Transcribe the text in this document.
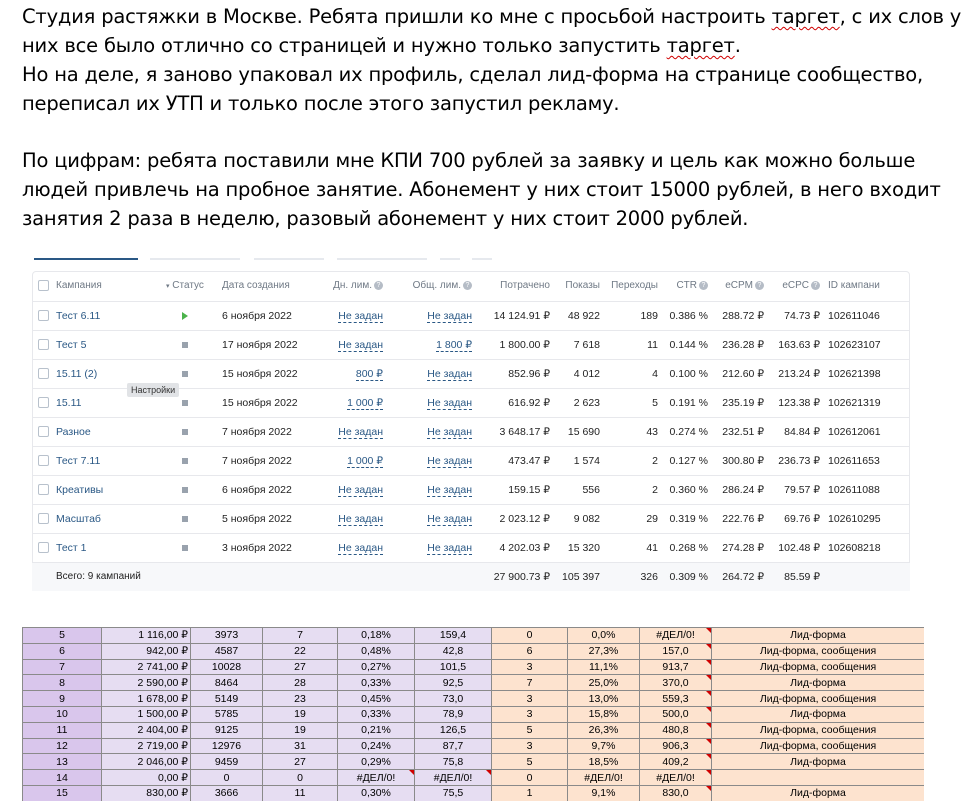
Студия растяжки в Москве. Ребята пришли ко мне с просьбой настроить таргет, с их слов у

них все было отлично со страницей и нужно только запустить таргет.

Но на деле, я заново упаковал их профиль, сделал лид-форма на странице сообщество,

переписал их УТП и только после этого запустил рекламу.

По цифрам: ребята поставили мне КПИ 700 рублей за заявку и цель как можно больше

людей привлечь на пробное занятие. Абонемент у них стоит 15000 рублей, в него входит

занятия 2 раза в неделю, разовый абонемент у них стоит 2000 рублей.

	Кампания	▾ Статус	Дата создания	Дн. лим. ?	Общ. лим. ?	Потрачено	Показы	Переходы	CTR ?	eCPM ?	eCPC ?	ID кампани
	Тест 6.11		6 ноября 2022	Не задан	Не задан	14 124.91 ₽	48 922	189	0.386 %	288.72 ₽	74.73 ₽	102611046
	Тест 5		17 ноября 2022	Не задан	1 800 ₽	1 800.00 ₽	7 618	11	0.144 %	236.28 ₽	163.63 ₽	102623107
	15.11 (2)		15 ноября 2022	800 ₽	Не задан	852.96 ₽	4 012	4	0.100 %	212.60 ₽	213.24 ₽	102621398
	15.11		15 ноября 2022	1 000 ₽	Не задан	616.92 ₽	2 623	5	0.191 %	235.19 ₽	123.38 ₽	102621319
	Разное		7 ноября 2022	Не задан	Не задан	3 648.17 ₽	15 690	43	0.274 %	232.51 ₽	84.84 ₽	102612061
	Тест 7.11		7 ноября 2022	1 000 ₽	Не задан	473.47 ₽	1 574	2	0.127 %	300.80 ₽	236.73 ₽	102611653
	Креативы		6 ноября 2022	Не задан	Не задан	159.15 ₽	556	2	0.360 %	286.24 ₽	79.57 ₽	102611088
	Масштаб		5 ноября 2022	Не задан	Не задан	2 023.12 ₽	9 082	29	0.319 %	222.76 ₽	69.76 ₽	102610295
	Тест 1		3 ноября 2022	Не задан	Не задан	4 202.03 ₽	15 320	41	0.268 %	274.28 ₽	102.48 ₽	102608218
	Всего: 9 кампаний					27 900.73 ₽	105 397	326	0.309 %	264.72 ₽	85.59 ₽	
Настройки
5	1 116,00 ₽	3973	7	0,18%	159,4	0	0,0%	#ДЕЛ/0!	Лид-форма
6	942,00 ₽	4587	22	0,48%	42,8	6	27,3%	157,0	Лид-форма, сообщения
7	2 741,00 ₽	10028	27	0,27%	101,5	3	11,1%	913,7	Лид-форма, сообщения
8	2 590,00 ₽	8464	28	0,33%	92,5	7	25,0%	370,0	Лид-форма
9	1 678,00 ₽	5149	23	0,45%	73,0	3	13,0%	559,3	Лид-форма, сообщения
10	1 500,00 ₽	5785	19	0,33%	78,9	3	15,8%	500,0	Лид-форма
11	2 404,00 ₽	9125	19	0,21%	126,5	5	26,3%	480,8	Лид-форма, сообщения
12	2 719,00 ₽	12976	31	0,24%	87,7	3	9,7%	906,3	Лид-форма, сообщения
13	2 046,00 ₽	9459	27	0,29%	75,8	5	18,5%	409,2	Лид-форма
14	0,00 ₽	0	0	#ДЕЛ/0!	#ДЕЛ/0!	0	#ДЕЛ/0!	#ДЕЛ/0!	
15	830,00 ₽	3666	11	0,30%	75,5	1	9,1%	830,0	Лид-форма
